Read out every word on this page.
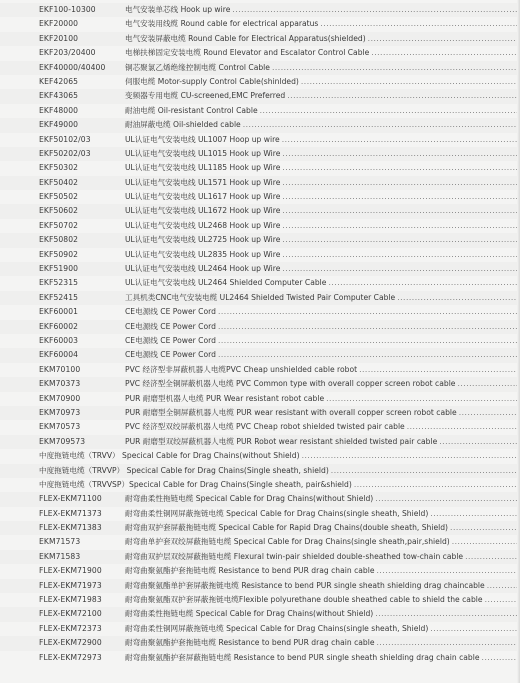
EKF100-10300	电气安装单芯线 Hook up wire .....
EKF20000	电气安装用线缆 Round cable for electrical apparatus .....
EKF20100	电气安装屏蔽电缆 Round Cable for Electrical Apparatus(shielded) .....
EKF203/20400	电梯扶梯固定安装电缆 Round Elevator and Escalator Control Cable .....
EKF40000/40400	铜芯聚氯乙烯绝缘控制电缆 Control Cable .....
KEF42065	伺服电缆 Motor-supply Control Cable(shinlded) .....
EKF43065	变频器专用电缆 CU-screened,EMC Preferred .....
EKF48000	耐油电缆 Oil-resistant Control Cable .....
EKF49000	耐油屏蔽电缆 Oil-shielded cable .....
EKF50102/03	UL认证电气安装电线 UL1007 Hoop up wire .....
EKF50202/03	UL认证电气安装电线 UL1015 Hook up Wire .....
EKF50302	UL认证电气安装电线 UL1185 Hook up Wire .....
EKF50402	UL认证电气安装电线 UL1571 Hook up Wire .....
EKF50502	UL认证电气安装电线 UL1617 Hook up Wire .....
EKF50602	UL认证电气安装电线 UL1672 Hook up Wire .....
EKF50702	UL认证电气安装电线 UL2468 Hook up Wire .....
EKF50802	UL认证电气安装电线 UL2725 Hook up Wire .....
EKF50902	UL认证电气安装电线 UL2835 Hook up Wire .....
EKF51900	UL认证电气安装电线 UL2464 Hook up Wire .....
EKF52315	UL认证电气安装电线 UL2464 Shielded Computer Cable .....
EKF52415	工具机类CNC电气安装电缆 UL2464 Shielded Twisted Pair Computer Cable .....
EKF60001	CE电源线 CE Power Cord .....
EKF60002	CE电源线 CE Power Cord .....
EKF60003	CE电源线 CE Power Cord .....
EKF60004	CE电源线 CE Power Cord .....
EKM70100	PVC 经济型非屏蔽机器人电缆PVC Cheap unshielded cable robot .....
EKM70373	PVC 经济型全铜屏蔽机器人电缆 PVC Common type with overall copper screen robot cable .....
EKM70900	PUR 耐磨型机器人电缆 PUR Wear resistant robot cable .....
EKM70973	PUR 耐磨型全铜屏蔽机器人电缆 PUR wear resistant with overall copper screen robot cable .....
EKM70573	PVC 经济型双绞屏蔽机器人电缆 PVC Cheap robot shielded twisted pair cable .....
EKM709573	PUR 耐磨型双绞屏蔽机器人电缆 PUR Robot wear resistant shielded twisted pair cable .....
中度拖链电缆（TRVV） Specical Cable for Drag Chains(without Shield) .....
中度拖链电缆（TRVVP） Specical Cable for Drag Chains(Single sheath, shield) .....
中度拖链电缆（TRVVSP）Specical Cable for Drag Chains(Single sheath, pair&shield) .....
FLEX-EKM71100	耐弯曲柔性拖链电缆 Specical Cable for Drag Chains(without Shield) .....
FLEX-EKM71373	耐弯曲柔性铜网屏蔽拖链电缆 Specical Cable for Drag Chains(single sheath, Shield) .....
FLEX-EKM71383	耐弯曲双护套屏蔽拖链电缆 Specical Cable for Rapid Drag Chains(double sheath, Shield) .....
EKM71573	耐弯曲单护套双绞屏蔽拖链电缆 Specical Cable for Drag Chains(single sheath,pair,shield) .....
EKM71583	耐弯曲双护层双绞屏蔽拖链电缆 Flexural twin-pair shielded double-sheathed tow-chain cable .....
FLEX-EKM71900	耐弯曲聚氨酯护套拖链电缆 Resistance to bend PUR drag chain cable .....
FLEX-EKM71973	耐弯曲聚氨酯单护套屏蔽拖链电缆 Resistance to bend PUR single sheath shielding drag chaincable .....
FLEX-EKM71983	耐弯曲聚氨酯双护套屏蔽拖链电缆Flexible polyurethane double sheathed cable to shield the cable .....
FLEX-EKM72100	耐弯曲柔性拖链电缆 Specical Cable for Drag Chains(without Shield) .....
FLEX-EKM72373	耐弯曲柔性铜网屏蔽拖链电缆 Specical Cable for Drag Chains(single sheath, Shield) .....
FLEX-EKM72900	耐弯曲聚氨酯护套拖链电缆 Resistance to bend PUR drag chain cable .....
FLEX-EKM72973	耐弯曲聚氨酯护套屏蔽拖链电缆 Resistance to bend PUR single sheath shielding drag chain cable .....
